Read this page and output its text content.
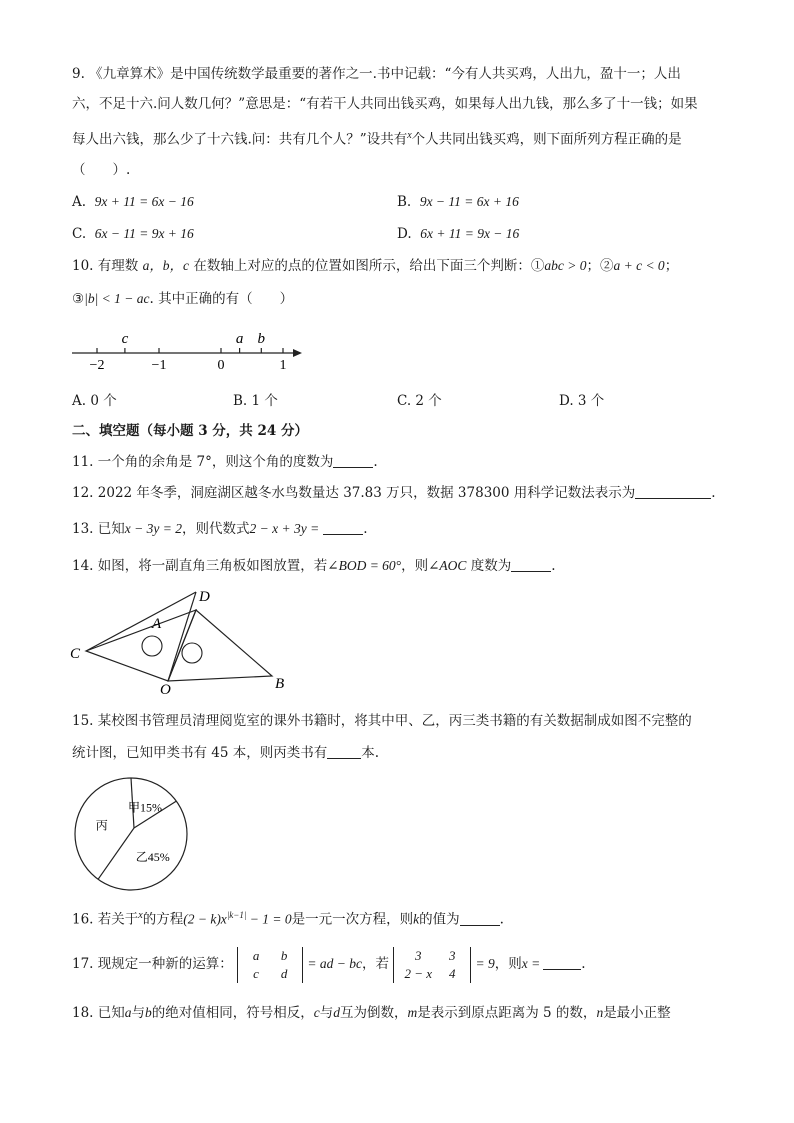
9. 《九章算术》是中国传统数学最重要的著作之一.书中记载：“今有人共买鸡，人出九，盈十一；人出
六，不足十六.问人数几何？”意思是：“有若干人共同出钱买鸡，如果每人出九钱，那么多了十一钱；如果
每人出六钱，那么少了十六钱.问：共有几个人？”设共有$^x$个人共同出钱买鸡，则下面所列方程正确的是
（　　）.
A. 9x + 11 = 6x − 16	B. 9x − 11 = 6x + 16
C. 6x − 11 = 9x + 16	D. 6x + 11 = 9x − 16
10. 有理数 a，b，c 在数轴上对应的点的位置如图所示，给出下面三个判断：①abc > 0；②a + c < 0；
③|b| < 1 − ac. 其中正确的有（　　）
−2	−1	0	1
c	a b
A. 0 个	B. 1 个	C. 2 个	D. 3 个
二、填空题（每小题 3 分，共 24 分）
11. 一个角的余角是 7°，则这个角的度数为	.
12. 2022 年冬季，洞庭湖区越冬水鸟数量达 37.83 万只，数据 378300 用科学记数法表示为	.
13. 已知x − 3y = 2，则代数式2 − x + 3y =	.
14. 如图，将一副直角三角板如图放置，若∠BOD = 60°，则∠AOC 度数为	.
D
A
C
O	B
15. 某校图书管理员清理阅览室的课外书籍时，将其中甲、乙，丙三类书籍的有关数据制成如图不完整的
统计图，已知甲类书有 45 本，则丙类书有	本.
甲15%
乙45%
丙
16. 若关于$^x$的方程$(2 - k)x^{|k-1|} - 1 = 0$是一元一次方程，则k的值为	.
17. 现规定一种新的运算： a b
c d = ad − bc，若 3 3
2 − x 4 = 9，则x =	.
18. 已知a与b的绝对值相同，符号相反，c与d互为倒数，m是表示到原点距离为 5 的数，n是最小正整
